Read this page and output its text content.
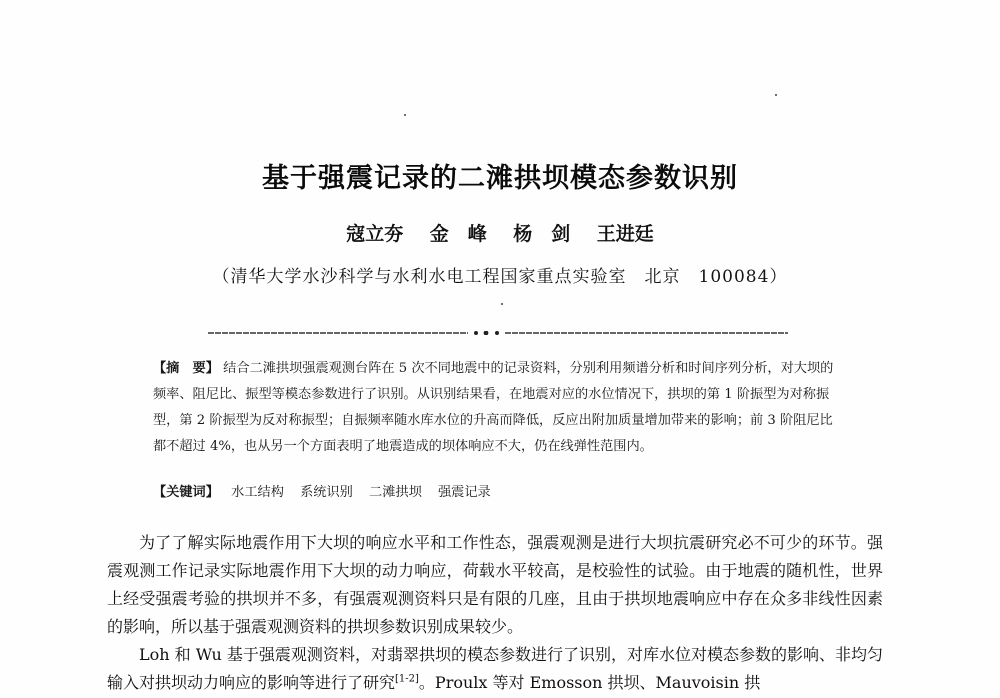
基于强震记录的二滩拱坝模态参数识别
寇立夯 金　峰 杨　剑 王进廷
（清华大学水沙科学与水利水电工程国家重点实验室　北京　100084）
【摘　要】 结合二滩拱坝强震观测台阵在 5 次不同地震中的记录资料，分别利用频谱分析和时间序列分析，对大坝的频率、阻尼比、振型等模态参数进行了识别。从识别结果看，在地震对应的水位情况下，拱坝的第 1 阶振型为对称振型，第 2 阶振型为反对称振型；自振频率随水库水位的升高而降低，反应出附加质量增加带来的影响；前 3 阶阻尼比都不超过 4%，也从另一个方面表明了地震造成的坝体响应不大，仍在线弹性范围内。
【关键词】 水工结构 系统识别 二滩拱坝 强震记录

为了了解实际地震作用下大坝的响应水平和工作性态，强震观测是进行大坝抗震研究必不可少的环节。强震观测工作记录实际地震作用下大坝的动力响应，荷载水平较高，是校验性的试验。由于地震的随机性，世界上经受强震考验的拱坝并不多，有强震观测资料只是有限的几座，且由于拱坝地震响应中存在众多非线性因素的影响，所以基于强震观测资料的拱坝参数识别成果较少。

Loh 和 Wu 基于强震观测资料，对翡翠拱坝的模态参数进行了识别，对库水位对模态参数的影响、非均匀输入对拱坝动力响应的影响等进行了研究[1-2]。Proulx 等对 Emosson 拱坝、Mauvoisin 拱
